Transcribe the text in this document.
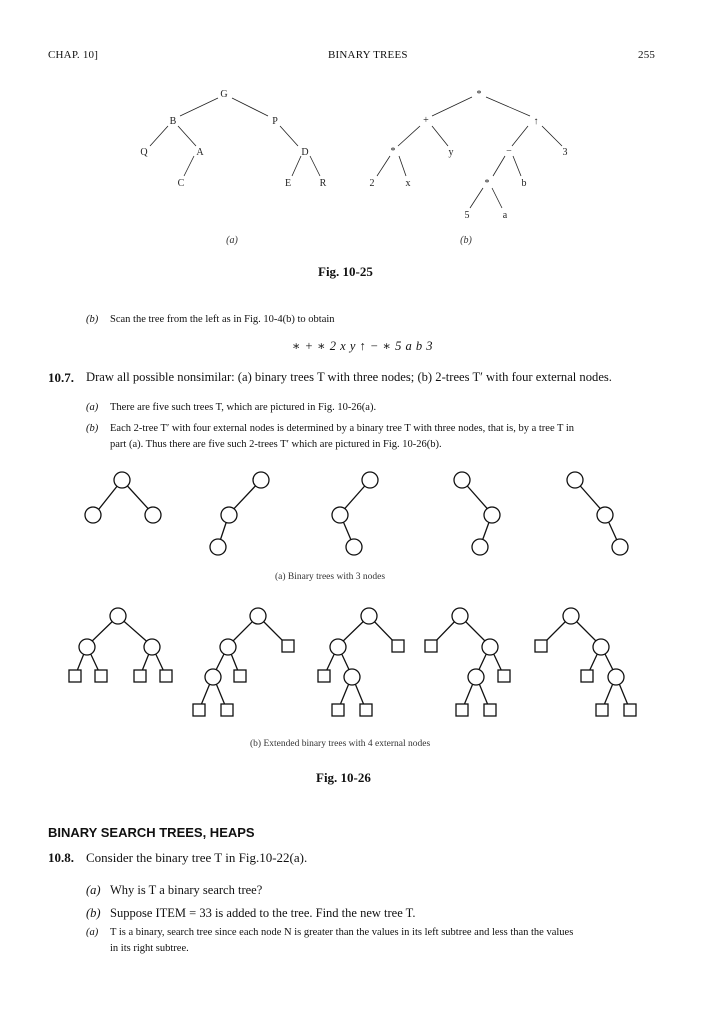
CHAP. 10]	BINARY TREES	255
G
B	P
Q	A	D
C	E	R
*
+	↑
*	y	−	3
2	x	*	b
5	a
(a)	(b)
Fig. 10-25
(b) Scan the tree from the left as in Fig. 10-4(b) to obtain
∗ + ∗ 2 x y ↑ − ∗ 5 a b 3
10.7. Draw all possible nonsimilar: (a) binary trees T with three nodes; (b) 2-trees T′ with four external nodes.
(a) There are five such trees T, which are pictured in Fig. 10-26(a).
(b) Each 2-tree T′ with four external nodes is determined by a binary tree T with three nodes, that is, by a tree T in
part (a). Thus there are five such 2-trees T′ which are pictured in Fig. 10-26(b).
(a) Binary trees with 3 nodes
(b) Extended binary trees with 4 external nodes
Fig. 10-26
BINARY SEARCH TREES, HEAPS
10.8. Consider the binary tree T in Fig.10-22(a).
(a) Why is T a binary search tree?
(b) Suppose ITEM = 33 is added to the tree. Find the new tree T.
(a) T is a binary, search tree since each node N is greater than the values in its left subtree and less than the values
in its right subtree.
